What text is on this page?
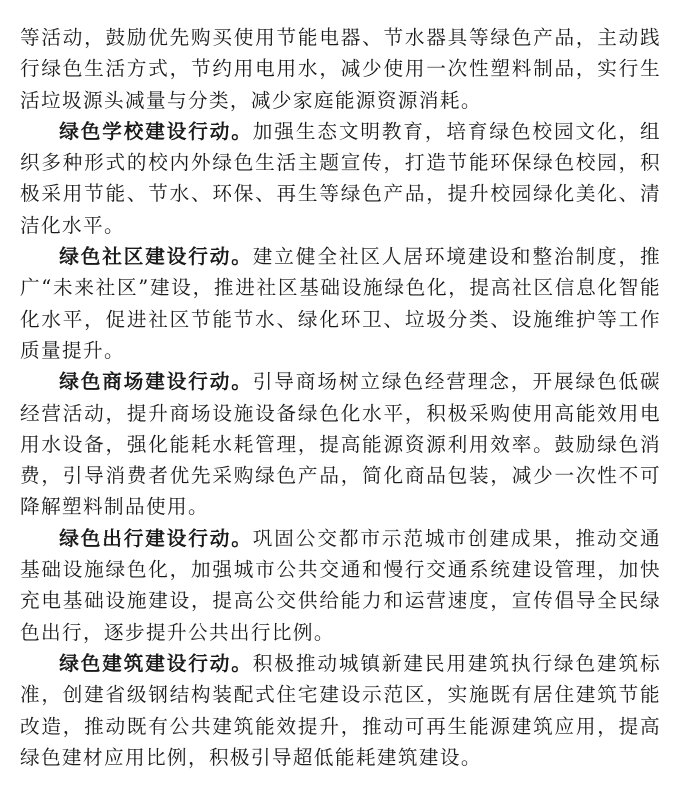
等活动，鼓励优先购买使用节能电器、节水器具等绿色产品，主动践行绿色生活方式，节约用电用水，减少使用一次性塑料制品，实行生活垃圾源头减量与分类，减少家庭能源资源消耗。

绿色学校建设行动。加强生态文明教育，培育绿色校园文化，组织多种形式的校内外绿色生活主题宣传，打造节能环保绿色校园，积极采用节能、节水、环保、再生等绿色产品，提升校园绿化美化、清洁化水平。

绿色社区建设行动。建立健全社区人居环境建设和整治制度，推广“未来社区”建设，推进社区基础设施绿色化，提高社区信息化智能化水平，促进社区节能节水、绿化环卫、垃圾分类、设施维护等工作质量提升。

绿色商场建设行动。引导商场树立绿色经营理念，开展绿色低碳经营活动，提升商场设施设备绿色化水平，积极采购使用高能效用电用水设备，强化能耗水耗管理，提高能源资源利用效率。鼓励绿色消费，引导消费者优先采购绿色产品，简化商品包装，减少一次性不可降解塑料制品使用。

绿色出行建设行动。巩固公交都市示范城市创建成果，推动交通基础设施绿色化，加强城市公共交通和慢行交通系统建设管理，加快充电基础设施建设，提高公交供给能力和运营速度，宣传倡导全民绿色出行，逐步提升公共出行比例。

绿色建筑建设行动。积极推动城镇新建民用建筑执行绿色建筑标准，创建省级钢结构装配式住宅建设示范区，实施既有居住建筑节能改造，推动既有公共建筑能效提升，推动可再生能源建筑应用，提高绿色建材应用比例，积极引导超低能耗建筑建设。
